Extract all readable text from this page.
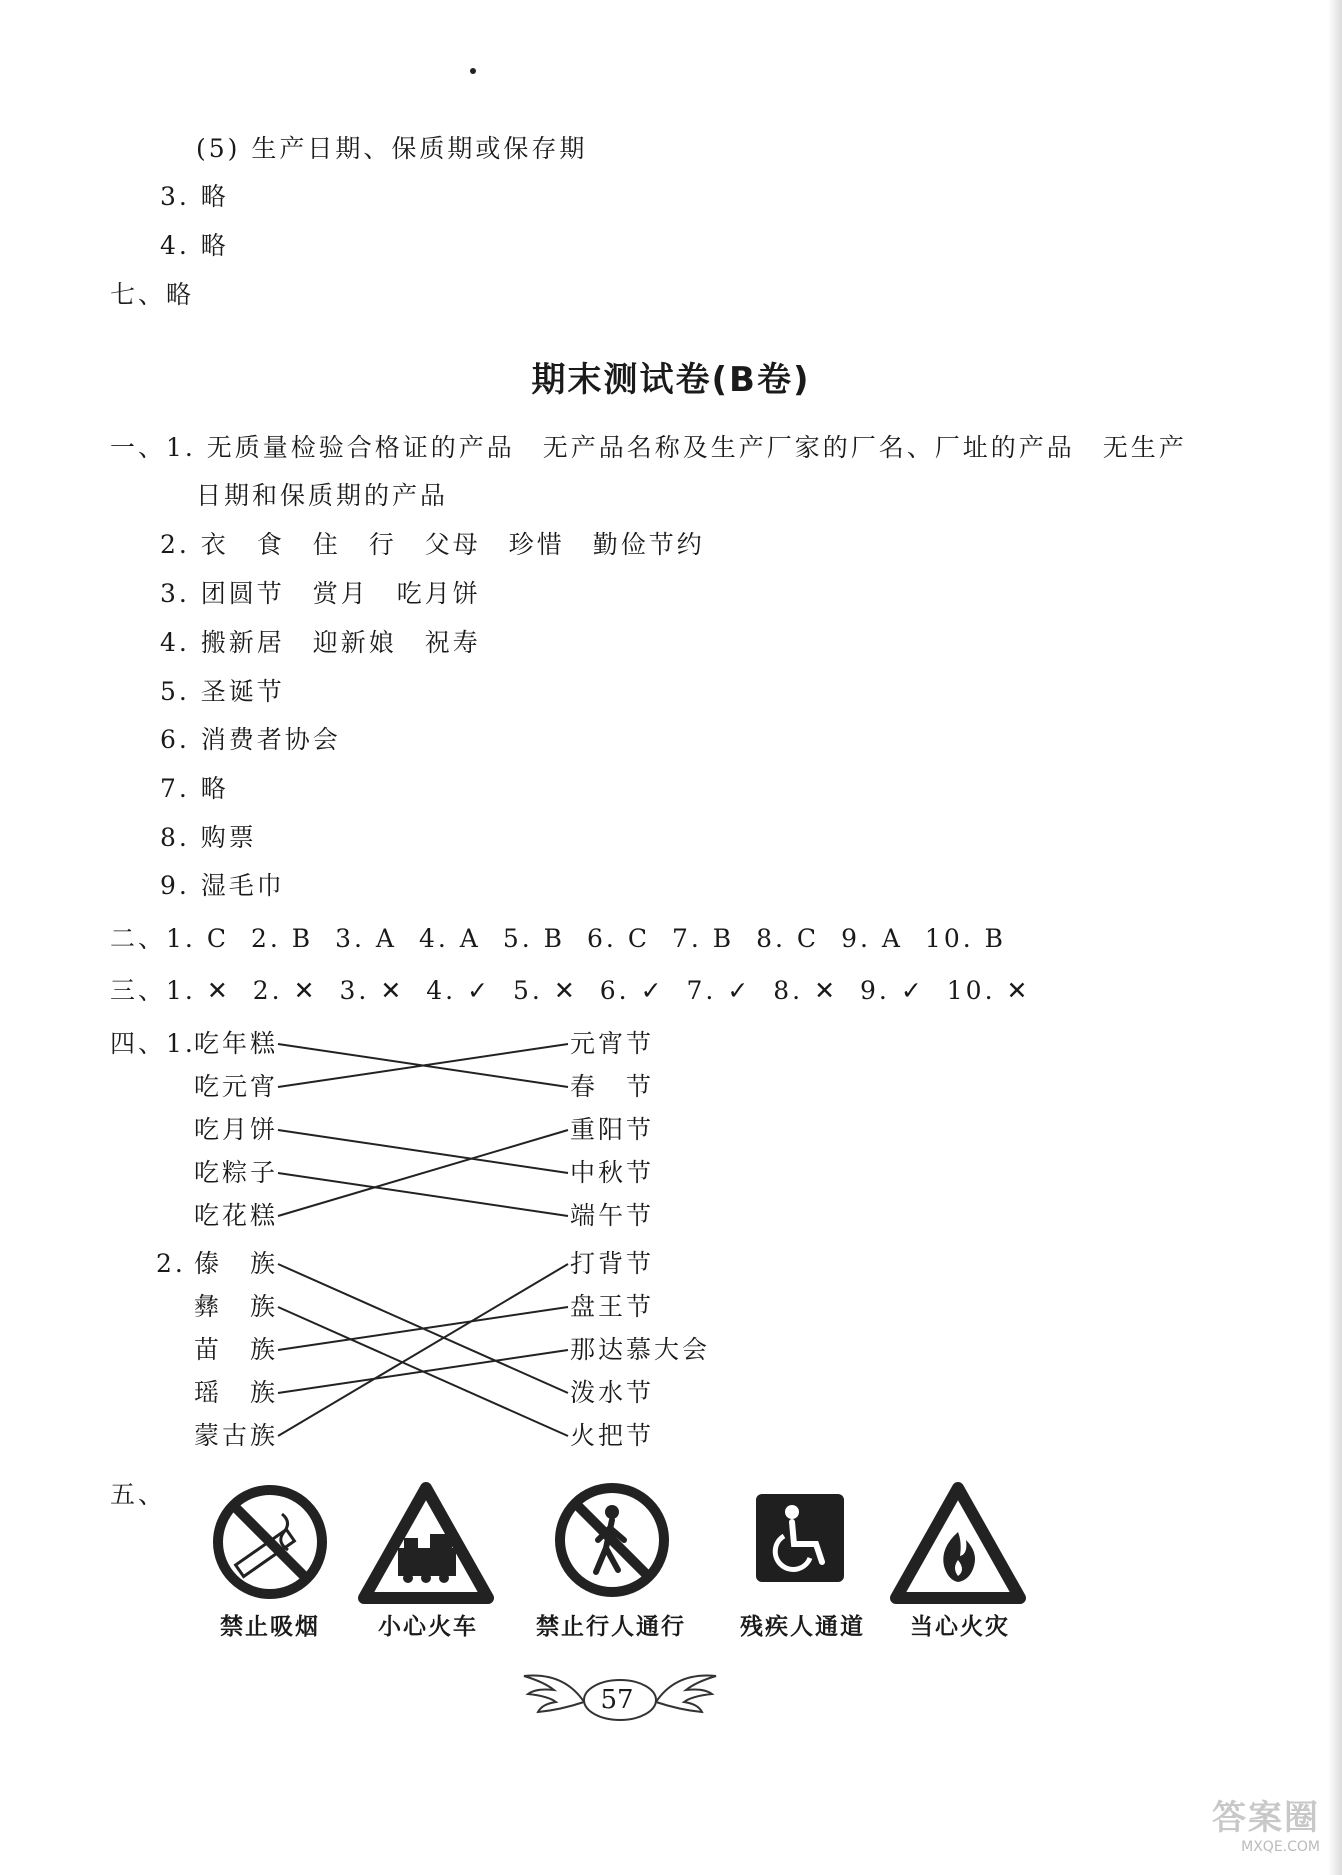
(5) 生产日期、保质期或保存期
3. 略
4. 略
七、略
期末测试卷(B卷)
一、1. 无质量检验合格证的产品　无产品名称及生产厂家的厂名、厂址的产品　无生产
日期和保质期的产品
2. 衣　食　住　行　父母　珍惜　勤俭节约
3. 团圆节　赏月　吃月饼
4. 搬新居　迎新娘　祝寿
5. 圣诞节
6. 消费者协会
7. 略
8. 购票
9. 湿毛巾
二、1. C 2. B 3. A 4. A 5. B 6. C 7. B 8. C 9. A 10. B
三、1. ✕ 2. ✕ 3. ✕ 4. ✓ 5. ✕ 6. ✓ 7. ✓ 8. ✕ 9. ✓ 10. ✕
四、1.
吃年糕
吃元宵
吃月饼
吃粽子
吃花糕
元宵节
春　节
重阳节
中秋节
端午节
2. 傣　族
彝　族
苗　族
瑶　族
蒙古族
打背节
盘王节
那达慕大会
泼水节
火把节
五、
禁止吸烟	小心火车	禁止行人通行 残疾人通道 当心火灾
57
答案圈
MXQE.COM
